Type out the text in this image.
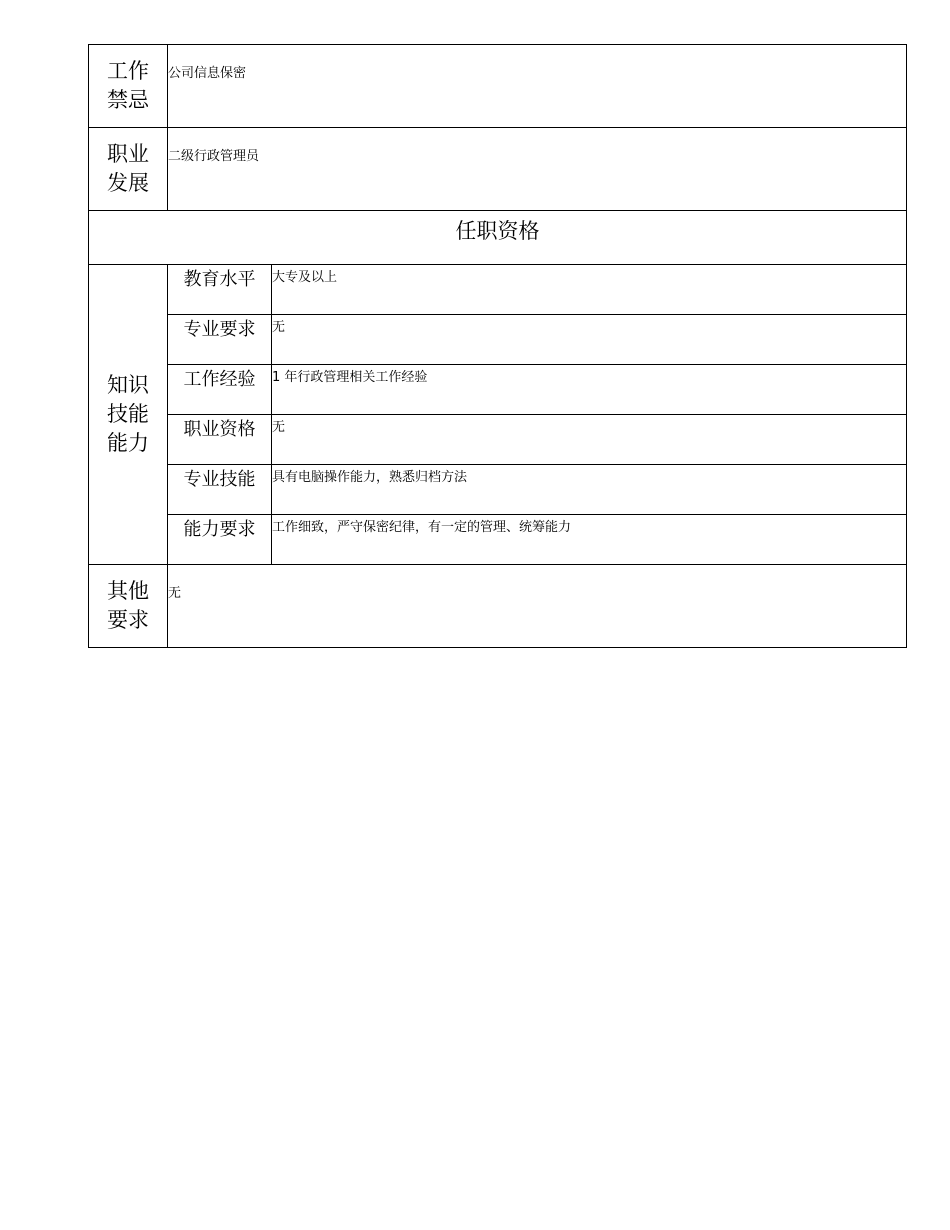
工作禁忌	公司信息保密	
职业发展	二级行政管理员	
任职资格		
知识技能能力	教育水平	大专及以上
	专业要求	无
	工作经验	1 年行政管理相关工作经验
	职业资格	无
	专业技能	具有电脑操作能力，熟悉归档方法
	能力要求	工作细致，严守保密纪律，有一定的管理、统筹能力
其他要求	无	
